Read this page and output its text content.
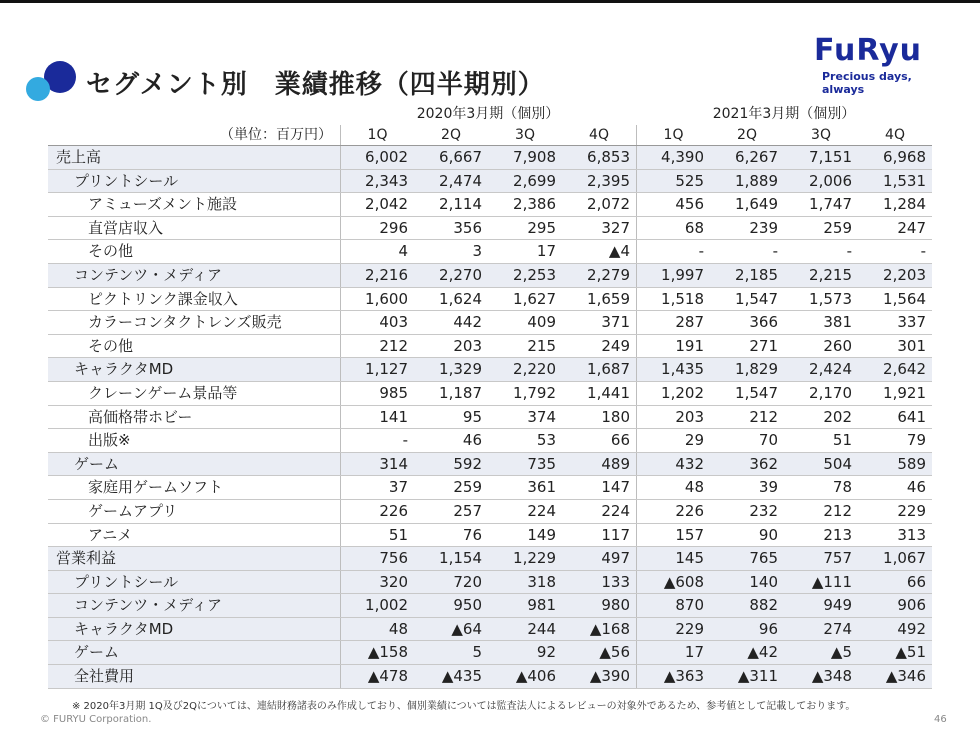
セグメント別　業績推移（四半期別）
FuRyu
Precious days, always
2020年3月期（個別）	2021年3月期（個別）
（単位：百万円）	1Q	2Q	3Q	4Q	1Q	2Q	3Q	4Q
売上高	6,002	6,667	7,908	6,853	4,390	6,267	7,151	6,968
プリントシール	2,343	2,474	2,699	2,395	525	1,889	2,006	1,531
アミューズメント施設	2,042	2,114	2,386	2,072	456	1,649	1,747	1,284
直営店収入	296	356	295	327	68	239	259	247
その他	4	3	17	▲4	-	-	-	-
コンテンツ・メディア	2,216	2,270	2,253	2,279	1,997	2,185	2,215	2,203
ピクトリンク課金収入	1,600	1,624	1,627	1,659	1,518	1,547	1,573	1,564
カラーコンタクトレンズ販売	403	442	409	371	287	366	381	337
その他	212	203	215	249	191	271	260	301
キャラクタMD	1,127	1,329	2,220	1,687	1,435	1,829	2,424	2,642
クレーンゲーム景品等	985	1,187	1,792	1,441	1,202	1,547	2,170	1,921
高価格帯ホビー	141	95	374	180	203	212	202	641
出版※	-	46	53	66	29	70	51	79
ゲーム	314	592	735	489	432	362	504	589
家庭用ゲームソフト	37	259	361	147	48	39	78	46
ゲームアプリ	226	257	224	224	226	232	212	229
アニメ	51	76	149	117	157	90	213	313
営業利益	756	1,154	1,229	497	145	765	757	1,067
プリントシール	320	720	318	133	▲608	140	▲111	66
コンテンツ・メディア	1,002	950	981	980	870	882	949	906
キャラクタMD	48	▲64	244	▲168	229	96	274	492
ゲーム	▲158	5	92	▲56	17	▲42	▲5	▲51
全社費用	▲478	▲435	▲406	▲390	▲363	▲311	▲348	▲346
※ 2020年3月期 1Q及び2Qについては、連結財務諸表のみ作成しており、個別業績については監査法人によるレビューの対象外であるため、参考値として記載しております。
© FURYU Corporation.	46
